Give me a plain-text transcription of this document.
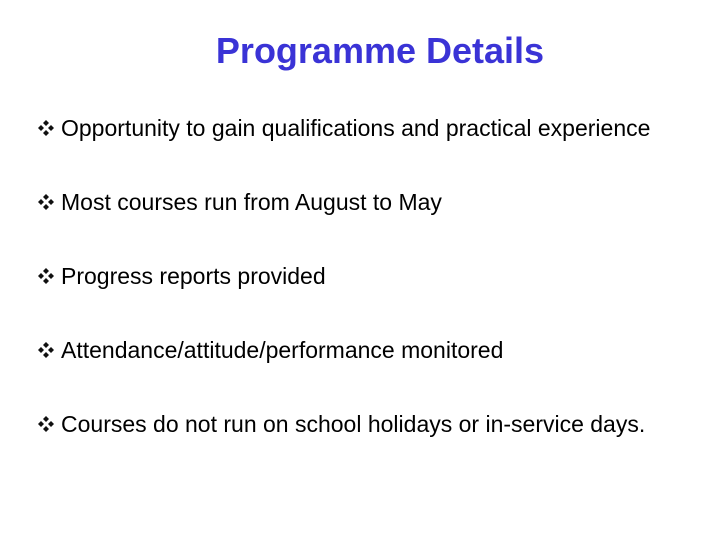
Programme Details
Opportunity to gain qualifications and practical experience
Most courses run from August to May
Progress reports provided
Attendance/attitude/performance monitored
Courses do not run on school holidays or in-service days.
